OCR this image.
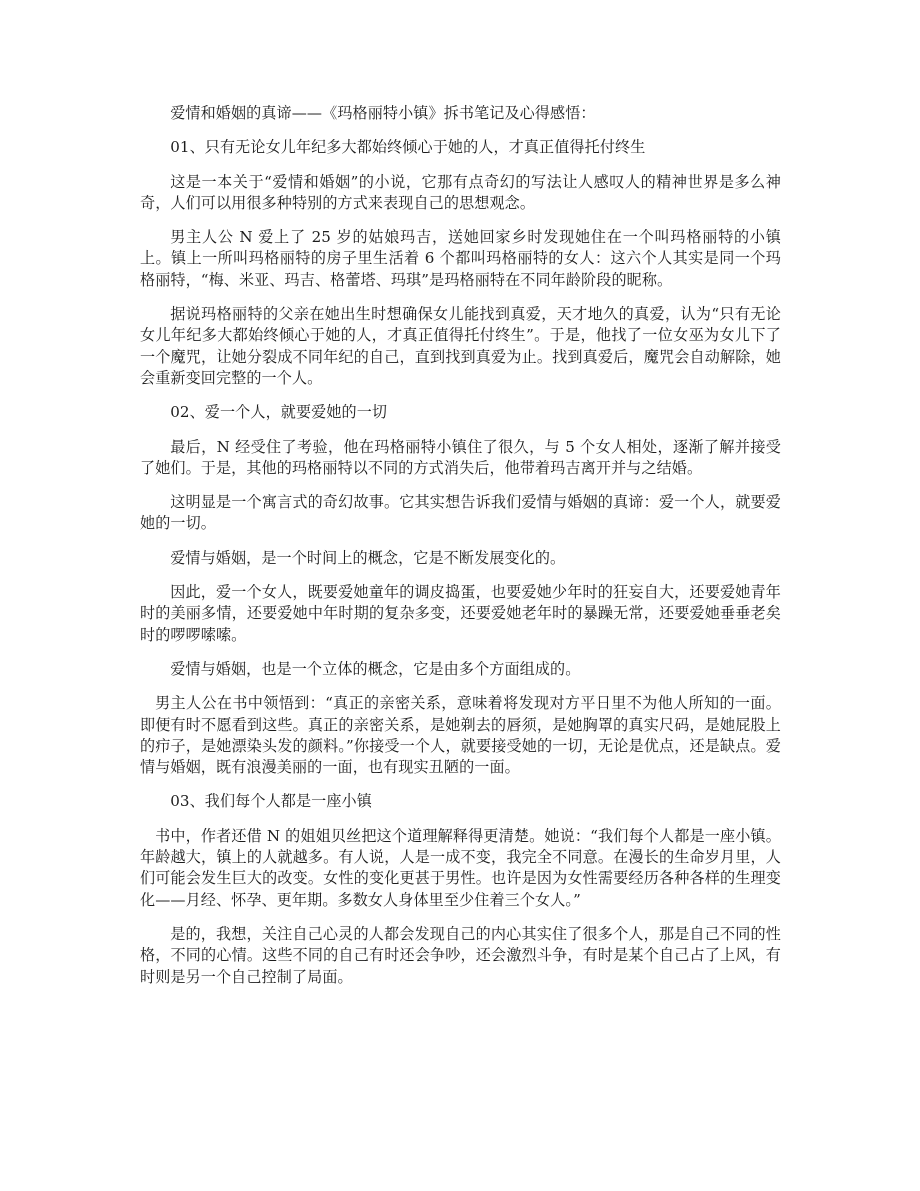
爱情和婚姻的真谛——《玛格丽特小镇》拆书笔记及心得感悟：

01、只有无论女儿年纪多大都始终倾心于她的人，才真正值得托付终生

这是一本关于“爱情和婚姻”的小说，它那有点奇幻的写法让人感叹人的精神世界是多么神奇，人们可以用很多种特别的方式来表现自己的思想观念。

男主人公 N 爱上了 25 岁的姑娘玛吉，送她回家乡时发现她住在一个叫玛格丽特的小镇上。镇上一所叫玛格丽特的房子里生活着 6 个都叫玛格丽特的女人：这六个人其实是同一个玛格丽特，“梅、米亚、玛吉、格蕾塔、玛琪”是玛格丽特在不同年龄阶段的昵称。

据说玛格丽特的父亲在她出生时想确保女儿能找到真爱，天才地久的真爱，认为“只有无论女儿年纪多大都始终倾心于她的人，才真正值得托付终生”。于是，他找了一位女巫为女儿下了一个魔咒，让她分裂成不同年纪的自己，直到找到真爱为止。找到真爱后，魔咒会自动解除，她会重新变回完整的一个人。

02、爱一个人，就要爱她的一切

最后，N 经受住了考验，他在玛格丽特小镇住了很久，与 5 个女人相处，逐渐了解并接受了她们。于是，其他的玛格丽特以不同的方式消失后，他带着玛吉离开并与之结婚。

这明显是一个寓言式的奇幻故事。它其实想告诉我们爱情与婚姻的真谛：爱一个人，就要爱她的一切。

爱情与婚姻，是一个时间上的概念，它是不断发展变化的。

因此，爱一个女人，既要爱她童年的调皮捣蛋，也要爱她少年时的狂妄自大，还要爱她青年时的美丽多情，还要爱她中年时期的复杂多变，还要爱她老年时的暴躁无常，还要爱她垂垂老矣时的啰啰嗦嗦。

爱情与婚姻，也是一个立体的概念，它是由多个方面组成的。

男主人公在书中领悟到：“真正的亲密关系，意味着将发现对方平日里不为他人所知的一面。即便有时不愿看到这些。真正的亲密关系，是她剃去的唇须，是她胸罩的真实尺码，是她屁股上的疖子，是她漂染头发的颜料。”你接受一个人，就要接受她的一切，无论是优点，还是缺点。爱情与婚姻，既有浪漫美丽的一面，也有现实丑陋的一面。

03、我们每个人都是一座小镇

书中，作者还借 N 的姐姐贝丝把这个道理解释得更清楚。她说：“我们每个人都是一座小镇。年龄越大，镇上的人就越多。有人说，人是一成不变，我完全不同意。在漫长的生命岁月里，人们可能会发生巨大的改变。女性的变化更甚于男性。也许是因为女性需要经历各种各样的生理变化——月经、怀孕、更年期。多数女人身体里至少住着三个女人。”

是的，我想，关注自己心灵的人都会发现自己的内心其实住了很多个人，那是自己不同的性格，不同的心情。这些不同的自己有时还会争吵，还会激烈斗争，有时是某个自己占了上风，有时则是另一个自己控制了局面。
